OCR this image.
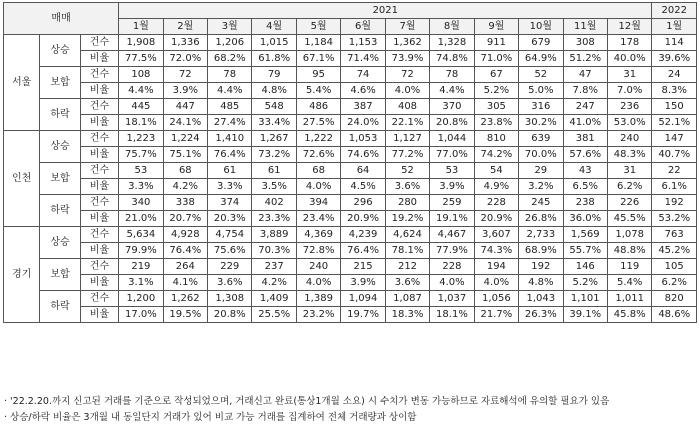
매매			2021												2022
			1월	2월	3월	4월	5월	6월	7월	8월	9월	10월	11월	12월	1월
서울	상승	건수	1,908	1,336	1,206	1,015	1,184	1,153	1,362	1,328	911	679	308	178	114
		비율	77.5%	72.0%	68.2%	61.8%	67.1%	71.4%	73.9%	74.8%	71.0%	64.9%	51.2%	40.0%	39.6%
	보합	건수	108	72	78	79	95	74	72	78	67	52	47	31	24
		비율	4.4%	3.9%	4.4%	4.8%	5.4%	4.6%	4.0%	4.4%	5.2%	5.0%	7.8%	7.0%	8.3%
	하락	건수	445	447	485	548	486	387	408	370	305	316	247	236	150
		비율	18.1%	24.1%	27.4%	33.4%	27.5%	24.0%	22.1%	20.8%	23.8%	30.2%	41.0%	53.0%	52.1%
인천	상승	건수	1,223	1,224	1,410	1,267	1,222	1,053	1,127	1,044	810	639	381	240	147
		비율	75.7%	75.1%	76.4%	73.2%	72.6%	74.6%	77.2%	77.0%	74.2%	70.0%	57.6%	48.3%	40.7%
	보합	건수	53	68	61	61	68	64	52	53	54	29	43	31	22
		비율	3.3%	4.2%	3.3%	3.5%	4.0%	4.5%	3.6%	3.9%	4.9%	3.2%	6.5%	6.2%	6.1%
	하락	건수	340	338	374	402	394	296	280	259	228	245	238	226	192
		비율	21.0%	20.7%	20.3%	23.3%	23.4%	20.9%	19.2%	19.1%	20.9%	26.8%	36.0%	45.5%	53.2%
경기	상승	건수	5,634	4,928	4,754	3,889	4,369	4,239	4,624	4,467	3,607	2,733	1,569	1,078	763
		비율	79.9%	76.4%	75.6%	70.3%	72.8%	76.4%	78.1%	77.9%	74.3%	68.9%	55.7%	48.8%	45.2%
	보합	건수	219	264	229	237	240	215	212	228	194	192	146	119	105
		비율	3.1%	4.1%	3.6%	4.2%	4.0%	3.9%	3.6%	4.0%	4.0%	4.8%	5.2%	5.4%	6.2%
	하락	건수	1,200	1,262	1,308	1,409	1,389	1,094	1,087	1,037	1,056	1,043	1,101	1,011	820
		비율	17.0%	19.5%	20.8%	25.5%	23.2%	19.7%	18.3%	18.1%	21.7%	26.3%	39.1%	45.8%	48.6%
· '22.2.20.까지 신고된 거래를 기준으로 작성되었으며, 거래신고 완료(통상1개월 소요) 시 수치가 변동 가능하므로 자료해석에 유의할 필요가 있음
· 상승/하락 비율은 3개월 내 동일단지 거래가 있어 비교 가능 거래를 집계하여 전체 거래량과 상이함
